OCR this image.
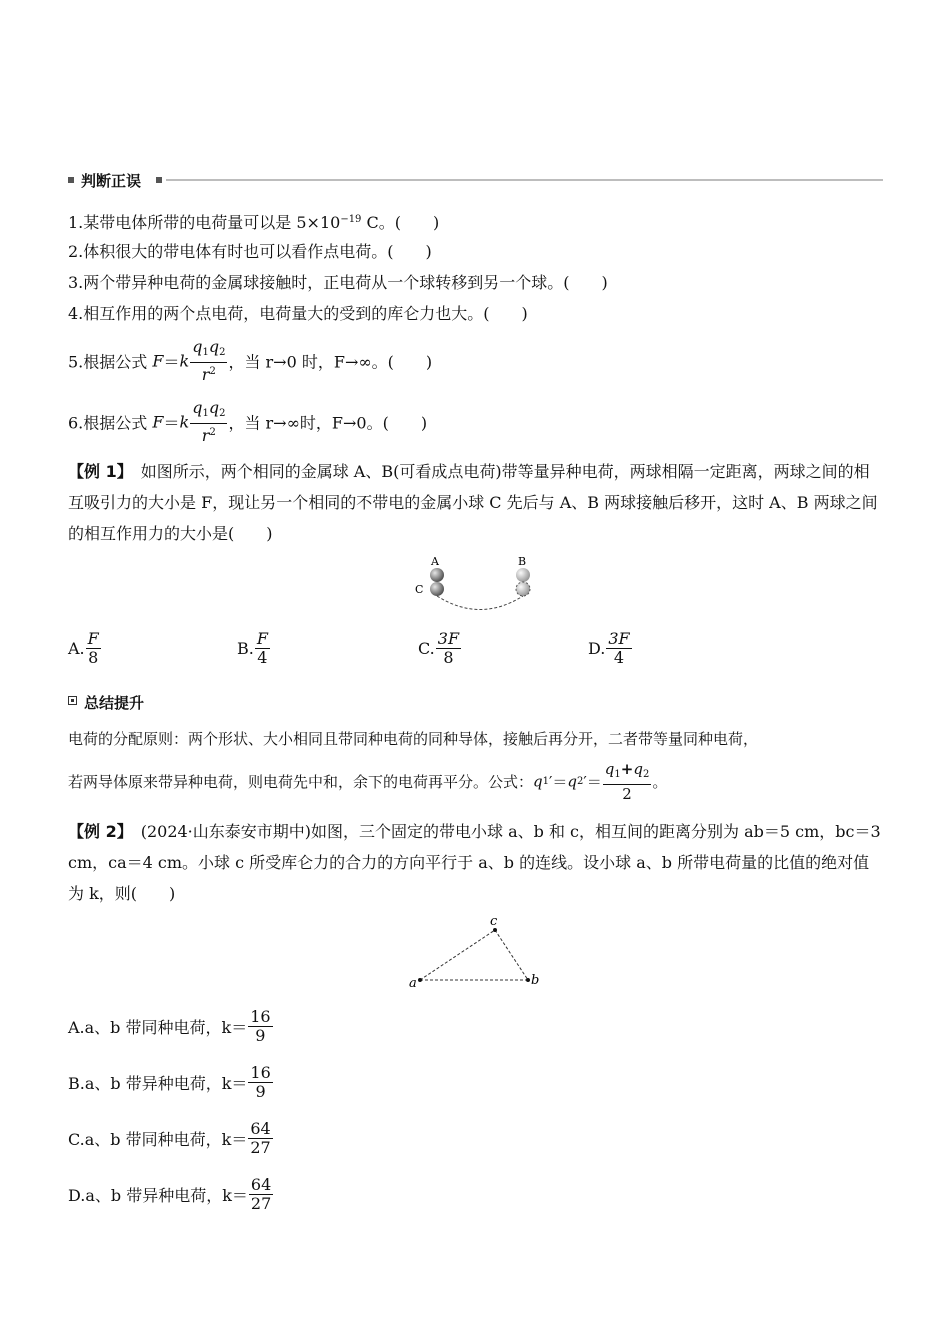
判断正误
1.某带电体所带的电荷量可以是 $5\times 10^{-19}$ C。(　　)
2.体积很大的带电体有时也可以看作点电荷。(　　)
3.两个带异种电荷的金属球接触时，正电荷从一个球转移到另一个球。(　　)
4.相互作用的两个点电荷，电荷量大的受到的库仑力也大。(　　)
5.根据公式 $F=k \frac{q_1q_2}{r^2}$ ，当 r→0 时，F→∞。(　　)
6.根据公式 $F=k \frac{q_1q_2}{r^2}$ ，当 r→∞时，F→0。(　　)
【例 1】　如图所示，两个相同的金属球 A、B(可看成点电荷)带等量异种电荷，两球相隔一定距离，两球之间的相互吸引力的大小是 F，现让另一个相同的不带电的金属小球 C 先后与 A、B 两球接触后移开，这时 A、B 两球之间的相互作用力的大小是(　　)
A	B
C
A. $\frac{F}{8}$	B. $\frac{F}{4}$	C. $\frac{3F}{8}$	D. $\frac{3F}{4}$
总结提升
电荷的分配原则：两个形状、大小相同且带同种电荷的同种导体，接触后再分开，二者带等量同种电荷，
若两导体原来带异种电荷，则电荷先中和，余下的电荷再平分。公式：$q1'=q2'= \frac{q_1+q_2}{2}$ 。
【例 2】　(2024·山东泰安市期中)如图，三个固定的带电小球 a、b 和 c，相互间的距离分别为 ab＝5 cm，bc＝3 cm，ca＝4 cm。小球 c 所受库仑力的合力的方向平行于 a、b 的连线。设小球 a、b 所带电荷量的比值的绝对值为 k，则(　　)
a	b
c
A.a、b 带同种电荷，$k= \frac{16}{9}$
B.a、b 带异种电荷，$k= \frac{16}{9}$
C.a、b 带同种电荷，$k= \frac{64}{27}$
D.a、b 带异种电荷，$k= \frac{64}{27}$
